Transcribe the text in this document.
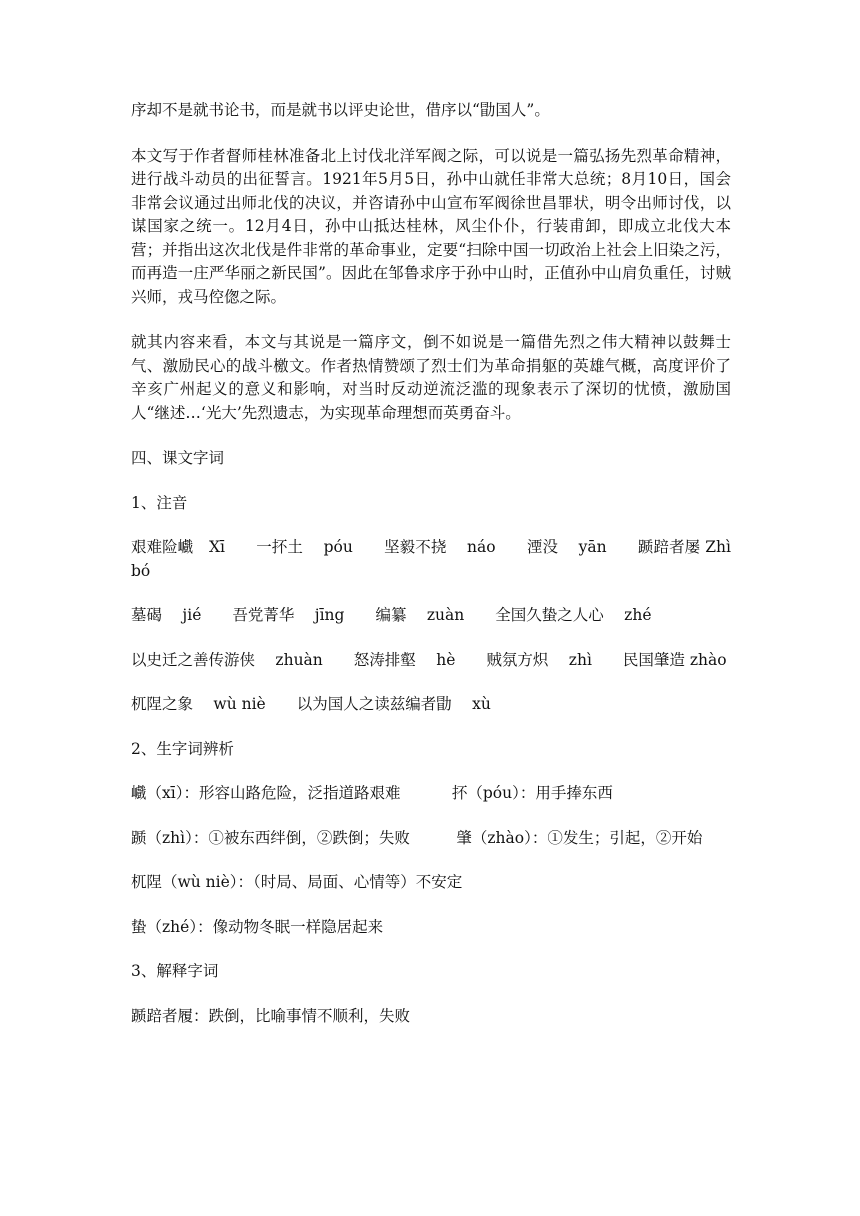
序却不是就书论书，而是就书以评史论世，借序以“勖国人”。

本文写于作者督师桂林准备北上讨伐北洋军阀之际，可以说是一篇弘扬先烈革命精神，进行战斗动员的出征誓言。1921年5月5日，孙中山就任非常大总统；8月10日，国会非常会议通过出师北伐的决议，并咨请孙中山宣布军阀徐世昌罪状，明令出师讨伐，以谋国家之统一。12月4日，孙中山抵达桂林，风尘仆仆，行装甫卸，即成立北伐大本营；并指出这次北伐是件非常的革命事业，定要“扫除中国一切政治上社会上旧染之污，而再造一庄严华丽之新民国”。因此在邹鲁求序于孙中山时，正值孙中山肩负重任，讨贼兴师，戎马倥偬之际。

就其内容来看，本文与其说是一篇序文，倒不如说是一篇借先烈之伟大精神以鼓舞士气、激励民心的战斗檄文。作者热情赞颂了烈士们为革命捐躯的英雄气概，高度评价了辛亥广州起义的意义和影响，对当时反动逆流泛滥的现象表示了深切的忧愤，激励国人“继述…‘光大’先烈遗志，为实现革命理想而英勇奋斗。

四、课文字词

1、注音

艰难险巇　Xī　　一抔土　 póu　　坚毅不挠　 náo　　湮没　 yān　　踬踣者屡 Zhìbó

墓碣　 jié　　吾党菁华　 jīng　　编纂　 zuàn　　全国久蛰之人心　 zhé

以史迁之善传游侠　 zhuàn　　怒涛排壑　 hè　　贼氛方炽　 zhì　　民国肇造 zhào

杌陧之象　 wù niè　　以为国人之读兹编者勖　 xù

2、生字词辨析

巇（xī）：形容山路危险，泛指道路艰难　　　 抔（póu）：用手捧东西

踬（zhì）：①被东西绊倒，②跌倒；失败　　　肇（zhào）：①发生；引起，②开始

杌陧（wù niè）：（时局、局面、心情等）不安定

蛰（zhé）：像动物冬眠一样隐居起来

3、解释字词

踬踣者履：跌倒，比喻事情不顺利，失败
